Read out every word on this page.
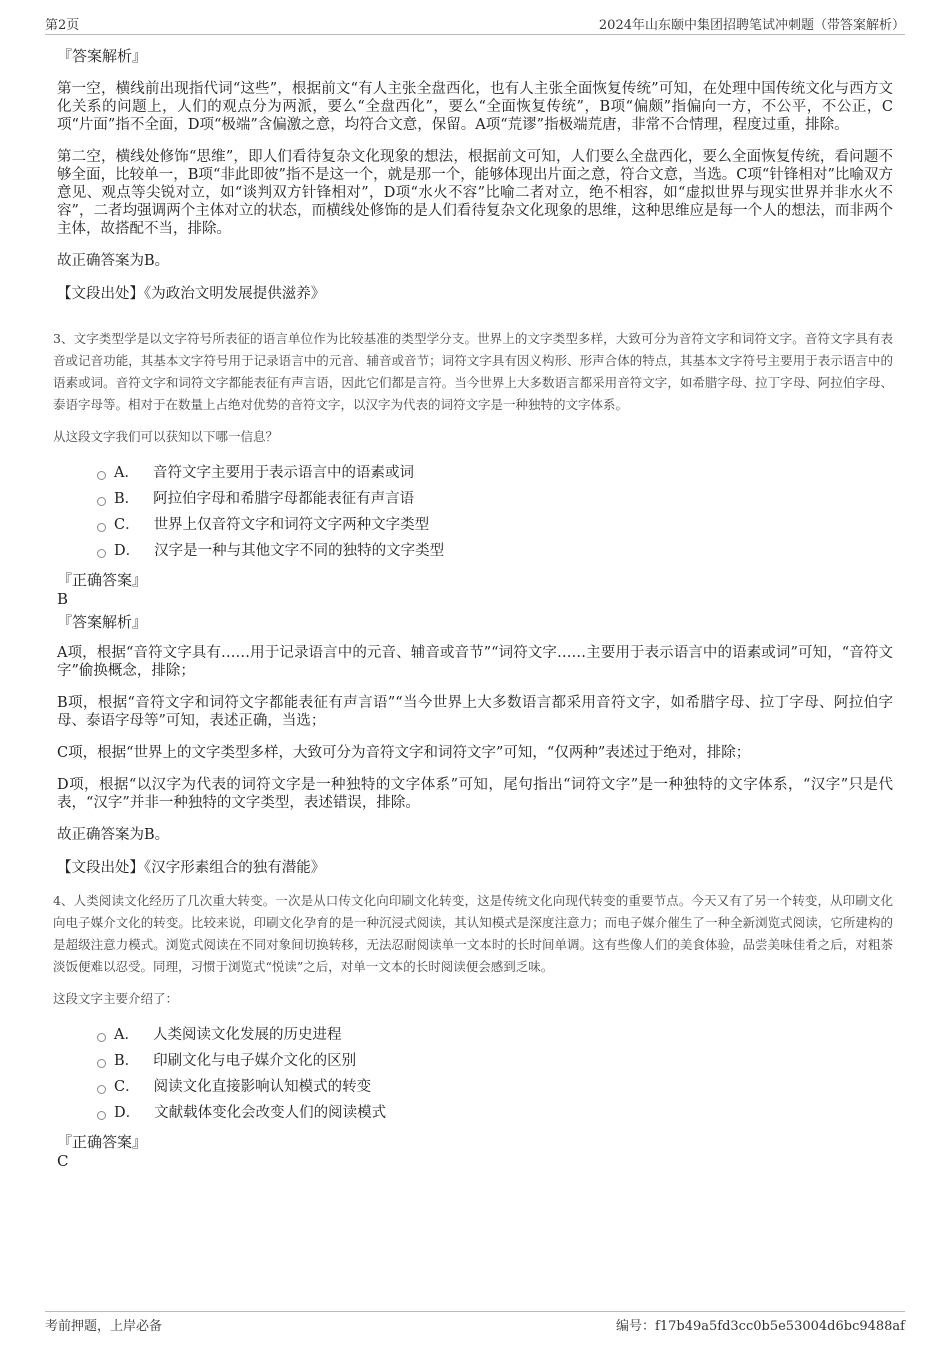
第2页	2024年山东颐中集团招聘笔试冲刺题（带答案解析）
『答案解析』

第一空，横线前出现指代词“这些”，根据前文“有人主张全盘西化，也有人主张全面恢复传统”可知，在处理中国传统文化与西方文化关系的问题上，人们的观点分为两派，要么“全盘西化”，要么“全面恢复传统”，B项“偏颇”指偏向一方，不公平，不公正，C项“片面”指不全面，D项“极端”含偏激之意，均符合文意，保留。A项“荒谬”指极端荒唐，非常不合情理，程度过重，排除。

第二空，横线处修饰“思维”，即人们看待复杂文化现象的想法，根据前文可知，人们要么全盘西化，要么全面恢复传统，看问题不够全面，比较单一，B项“非此即彼”指不是这一个，就是那一个，能够体现出片面之意，符合文意，当选。C项“针锋相对”比喻双方意见、观点等尖锐对立，如“谈判双方针锋相对”，D项“水火不容”比喻二者对立，绝不相容，如“虚拟世界与现实世界并非水火不容”，二者均强调两个主体对立的状态，而横线处修饰的是人们看待复杂文化现象的思维，这种思维应是每一个人的想法，而非两个主体，故搭配不当，排除。

故正确答案为B。

【文段出处】《为政治文明发展提供滋养》

3、文字类型学是以文字符号所表征的语言单位作为比较基准的类型学分支。世界上的文字类型多样，大致可分为音符文字和词符文字。音符文字具有表音或记音功能，其基本文字符号用于记录语言中的元音、辅音或音节；词符文字具有因义构形、形声合体的特点，其基本文字符号主要用于表示语言中的语素或词。音符文字和词符文字都能表征有声言语，因此它们都是言符。当今世界上大多数语言都采用音符文字，如希腊字母、拉丁字母、阿拉伯字母、泰语字母等。相对于在数量上占绝对优势的音符文字，以汉字为代表的词符文字是一种独特的文字体系。

从这段文字我们可以获知以下哪一信息？
A． 音符文字主要用于表示语言中的语素或词
B． 阿拉伯字母和希腊字母都能表征有声言语
C． 世界上仅音符文字和词符文字两种文字类型
D． 汉字是一种与其他文字不同的独特的文字类型
『正确答案』
B
『答案解析』

A项，根据“音符文字具有……用于记录语言中的元音、辅音或音节”“词符文字……主要用于表示语言中的语素或词”可知，“音符文字”偷换概念，排除；

B项，根据“音符文字和词符文字都能表征有声言语”“当今世界上大多数语言都采用音符文字，如希腊字母、拉丁字母、阿拉伯字母、泰语字母等”可知，表述正确，当选；

C项，根据“世界上的文字类型多样，大致可分为音符文字和词符文字”可知，“仅两种”表述过于绝对，排除；

D项，根据“以汉字为代表的词符文字是一种独特的文字体系”可知，尾句指出“词符文字”是一种独特的文字体系，“汉字”只是代表，“汉字”并非一种独特的文字类型，表述错误，排除。

故正确答案为B。

【文段出处】《汉字形素组合的独有潜能》

4、人类阅读文化经历了几次重大转变。一次是从口传文化向印刷文化转变，这是传统文化向现代转变的重要节点。今天又有了另一个转变，从印刷文化向电子媒介文化的转变。比较来说，印刷文化孕育的是一种沉浸式阅读，其认知模式是深度注意力；而电子媒介催生了一种全新浏览式阅读，它所建构的是超级注意力模式。浏览式阅读在不同对象间切换转移，无法忍耐阅读单一文本时的长时间单调。这有些像人们的美食体验，品尝美味佳肴之后，对粗茶淡饭便难以忍受。同理，习惯于浏览式“悦读”之后，对单一文本的长时阅读便会感到乏味。

这段文字主要介绍了：
A． 人类阅读文化发展的历史进程
B． 印刷文化与电子媒介文化的区别
C． 阅读文化直接影响认知模式的转变
D． 文献载体变化会改变人们的阅读模式
『正确答案』
C
考前押题，上岸必备	编号：f17b49a5fd3cc0b5e53004d6bc9488af
